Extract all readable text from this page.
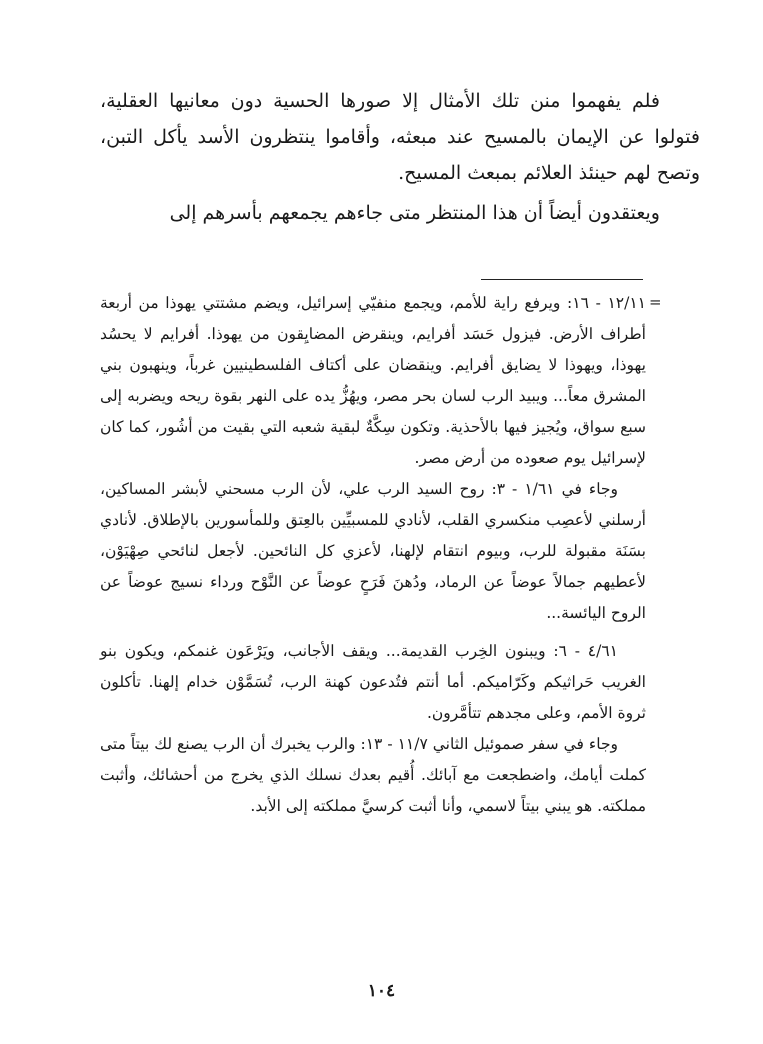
فلم يفهموا منن تلك الأمثال إلا صورها الحسية دون معانيها العقلية، فتولوا عن الإيمان بالمسيح عند مبعثه، وأقاموا ينتظرون الأسد يأكل التبن، وتصح لهم حينئذ العلائم بمبعث المسيح.

ويعتقدون أيضاً أن هذا المنتظر متى جاءهم يجمعهم بأسرهم إلى

=

١٢/١١ - ١٦: ويرفع راية للأمم، ويجمع منفيّي إسرائيل، ويضم مشتتي يهوذا من أربعة أطراف الأرض. فيزول حَسَد أفرايم، وينقرض المضايِقون من يهوذا. أفرايم لا يحسُد يهوذا، ويهوذا لا يضايق أفرايم. وينقضان على أكتاف الفلسطينيين غرباً، وينهبون بني المشرق معاً... ويبيد الرب لسان بحر مصر، ويهُزُّ يده على النهر بقوة ريحه ويضربه إلى سبع سواق، ويُجيز فيها بالأحذية. وتكون سِكَّةٌ لبقية شعبه التي بقيت من أشُور، كما كان لإسرائيل يوم صعوده من أرض مصر.

وجاء في ١/٦١ - ٣: روح السيد الرب علي، لأن الرب مسحني لأبشر المساكين، أرسلني لأعصِب منكسري القلب، لأنادي للمسبيِّين بالعِتق وللمأسورين بالإطلاق. لأنادي بسَنَة مقبولة للرب، وبيوم انتقام لإلهنا، لأعزي كل النائحين. لأجعل لنائحي صِهْيَوْن، لأعطيهم جمالاً عوضاً عن الرماد، ودُهنَ فَرَحٍ عوضاً عن النَّوْح ورداء نسيج عوضاً عن الروح اليائسة...

٤/٦١ - ٦: ويبنون الخِرب القديمة... ويقف الأجانب، ويَرْعَون غنمكم، ويكون بنو الغريب حَراثيكم وكَرّاميكم. أما أنتم فتُدعون كهنة الرب، تُسَمَّوْن خدام إلهنا. تأكلون ثروة الأمم، وعلى مجدهم تتأمَّرون.

وجاء في سفر صموئيل الثاني ١١/٧ - ١٣: والرب يخبرك أن الرب يصنع لك بيتاً متى كملت أيامك، واضطجعت مع آبائك. أُقيم بعدك نسلك الذي يخرج من أحشائك، وأثبت مملكته. هو يبني بيتاً لاسمي، وأنا أثبت كرسيَّ مملكته إلى الأبد.

١٠٤
